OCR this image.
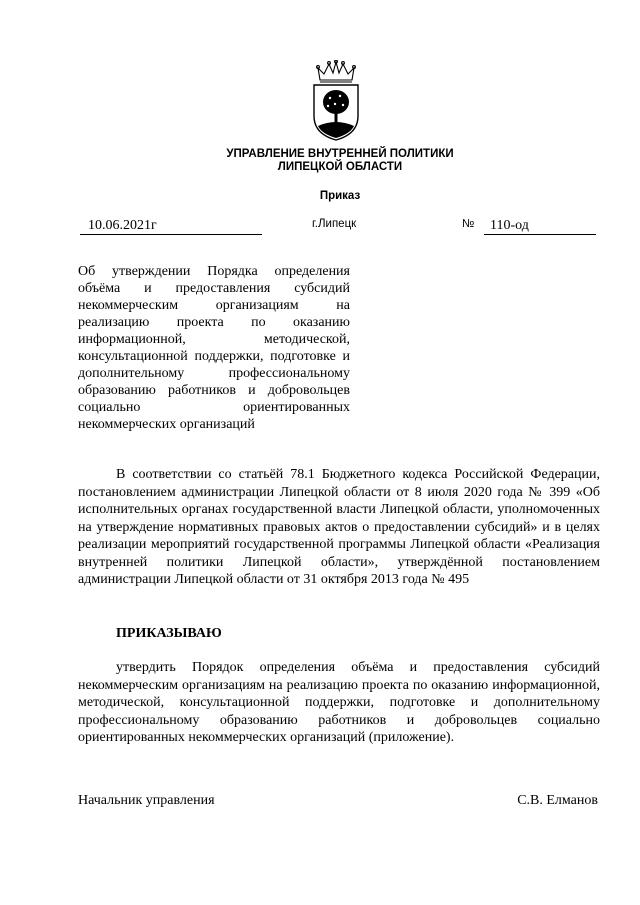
УПРАВЛЕНИЕ ВНУТРЕННЕЙ ПОЛИТИКИ
ЛИПЕЦКОЙ ОБЛАСТИ
Приказ
10.06.2021г	г.Липецк	№	110-од
Об утверждении Порядка определения объёма и предоставления субсидий некоммерческим организациям на реализацию проекта по оказанию информационной, методической, консультационной поддержки, подготовке и дополнительному профессиональному образованию работников и добровольцев социально ориентированных некоммерческих организаций

В соответствии со статьёй 78.1 Бюджетного кодекса Российской Федерации, постановлением администрации Липецкой области от 8 июля 2020 года № 399 «Об исполнительных органах государственной власти Липецкой области, уполномоченных на утверждение нормативных правовых актов о предоставлении субсидий» и в целях реализации мероприятий государственной программы Липецкой области «Реализация внутренней политики Липецкой области», утверждённой постановлением администрации Липецкой области от 31 октября 2013 года № 495

ПРИКАЗЫВАЮ

утвердить Порядок определения объёма и предоставления субсидий некоммерческим организациям на реализацию проекта по оказанию информационной, методической, консультационной поддержки, подготовке и дополнительному профессиональному образованию работников и добровольцев социально ориентированных некоммерческих организаций (приложение).

Начальник управления	С.В. Елманов
